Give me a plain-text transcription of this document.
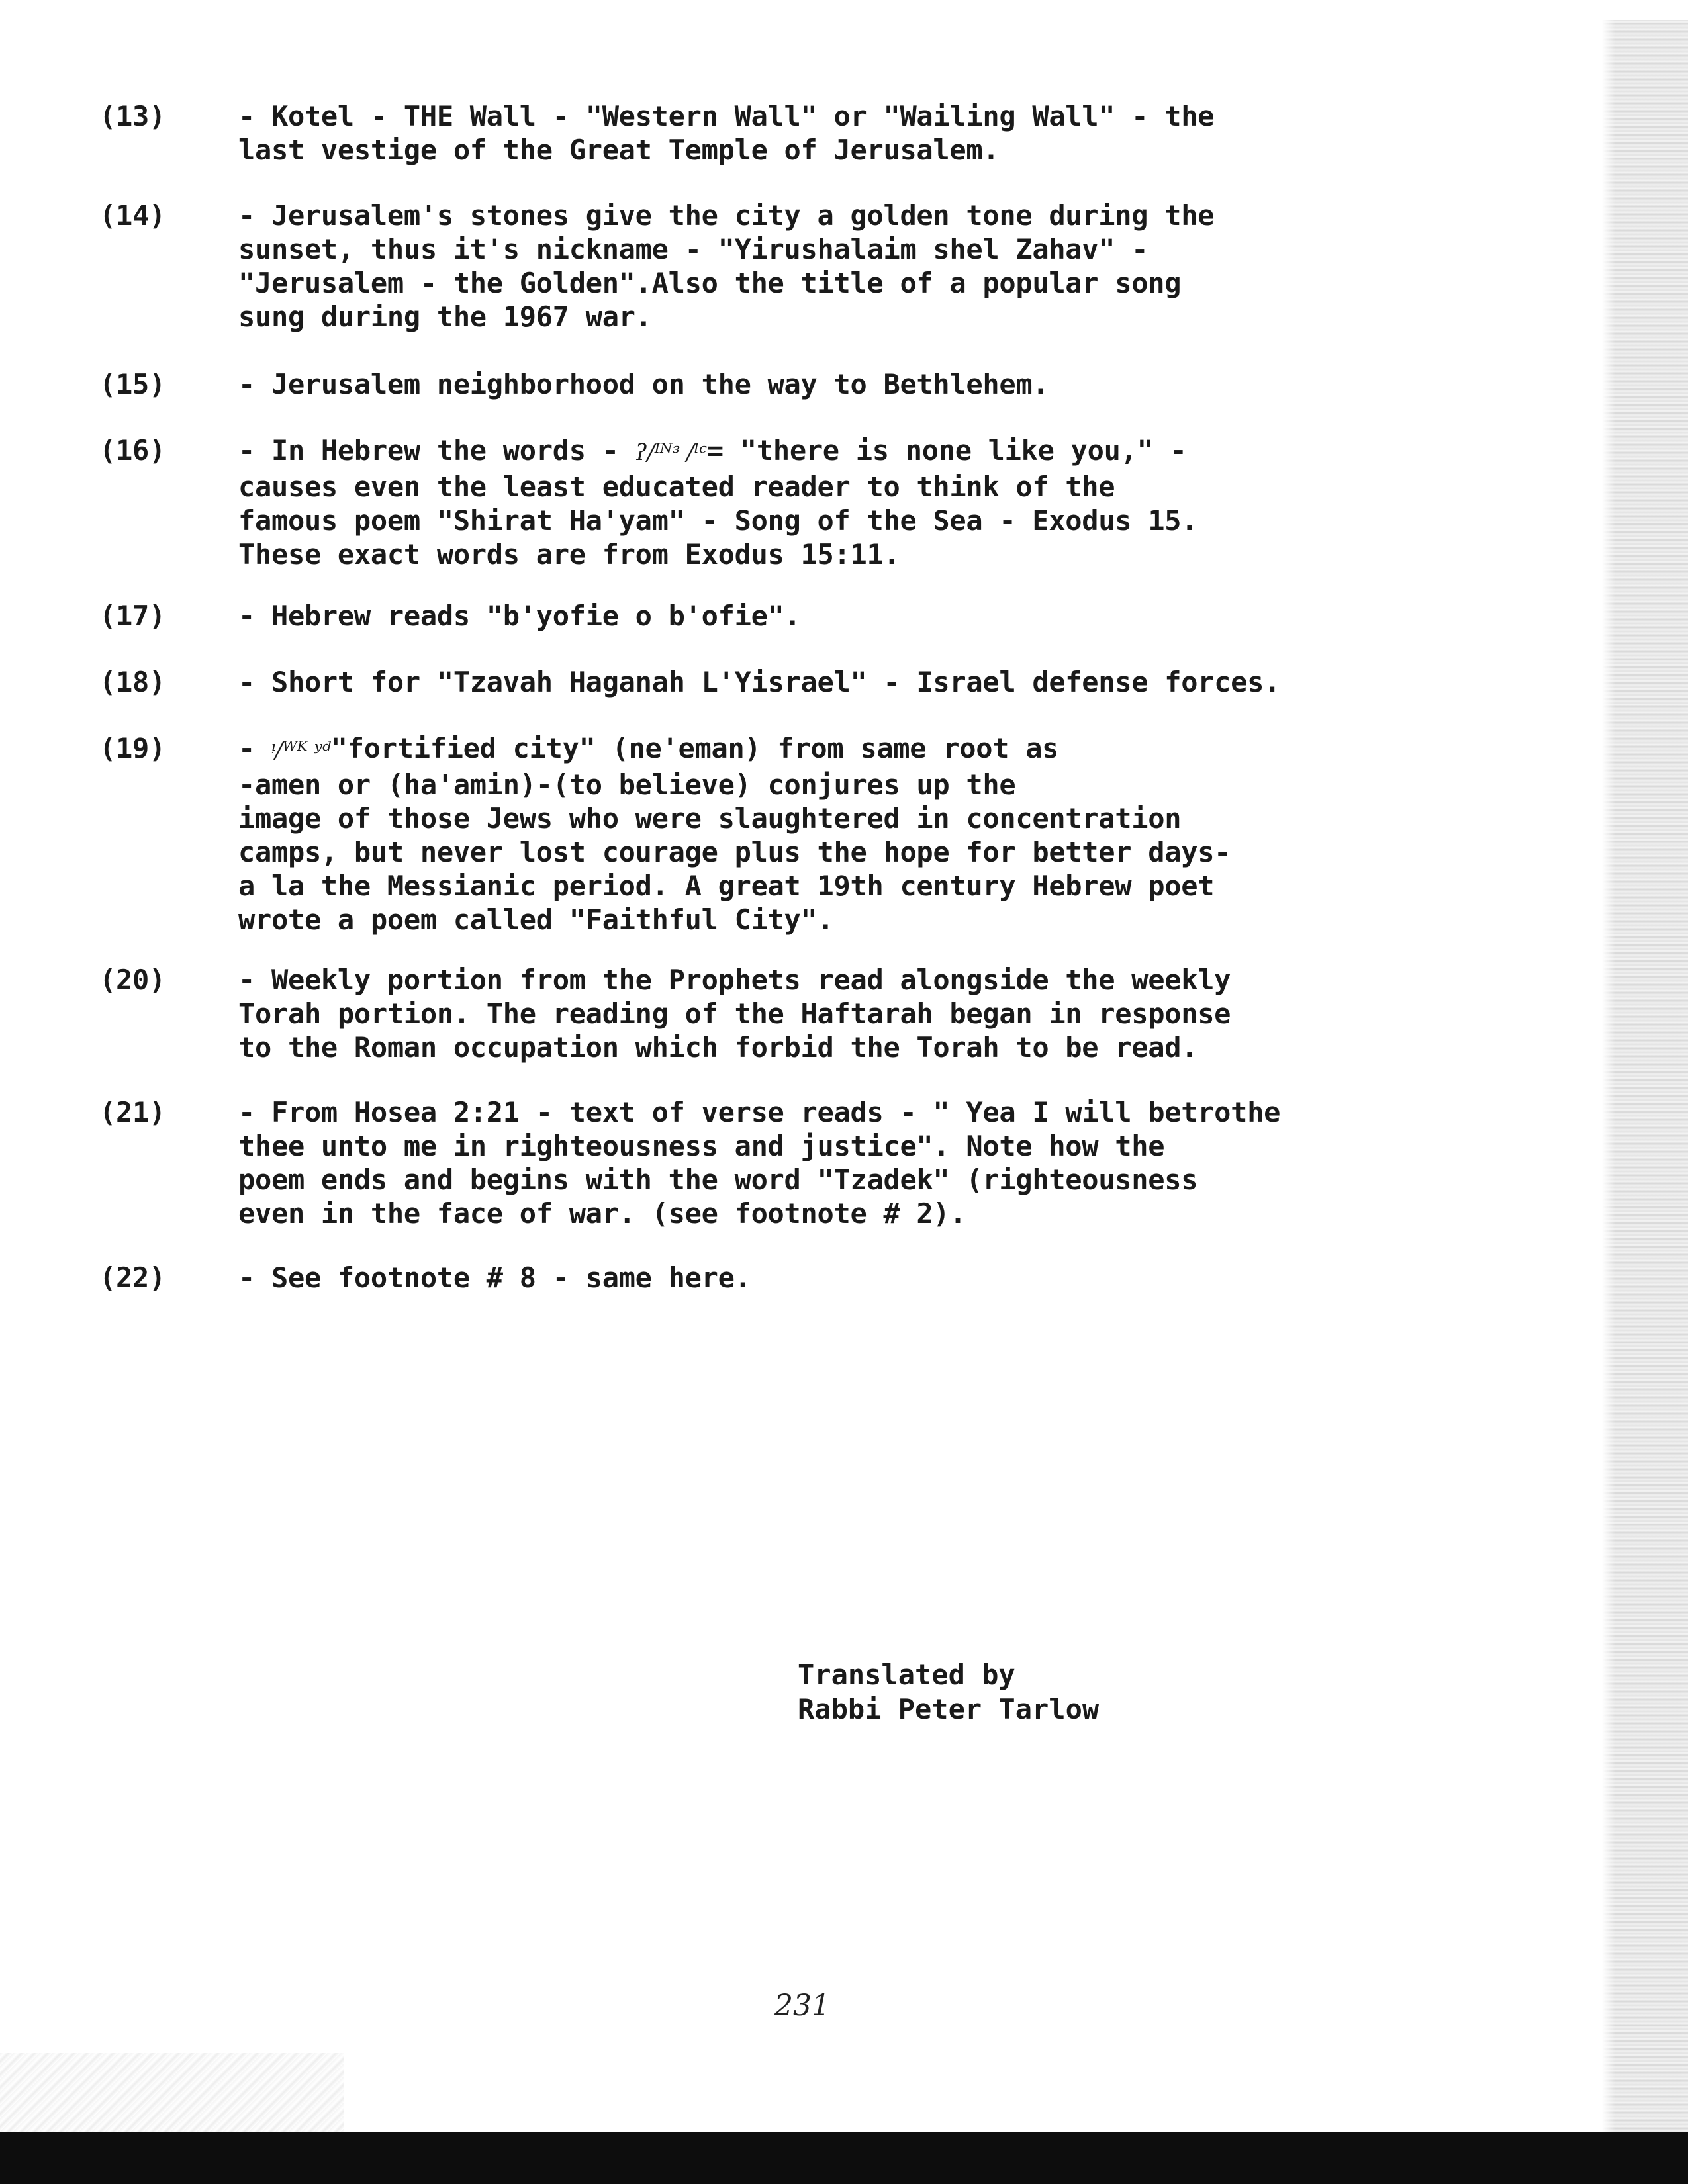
(13)	- Kotel - THE Wall - "Western Wall" or "Wailing Wall" - the
last vestige of the Great Temple of Jerusalem.
(14)	- Jerusalem's stones give the city a golden tone during the
sunset, thus it's nickname - "Yirushalaim shel Zahav" -
"Jerusalem - the Golden".Also the title of a popular song
sung during the 1967 war.
(15)	- Jerusalem neighborhood on the way to Bethlehem.
(16)	- In Hebrew the words - ʔ/ᴵᴺᵌ /ˡᶜ= "there is none like you," -
causes even the least educated reader to think of the
famous poem "Shirat Ha'yam" - Song of the Sea - Exodus 15.
These exact words are from Exodus 15:11.
(17)	- Hebrew reads "b'yofie o b'ofie".
(18)	- Short for "Tzavah Haganah L'Yisrael" - Israel defense forces.
(19)	- ᵎ/ᵂᴷ ʸᵈ"fortified city" (ne'eman) from same root as
-amen or (ha'amin)-(to believe) conjures up the
image of those Jews who were slaughtered in concentration
camps, but never lost courage plus the hope for better days-
a la the Messianic period. A great 19th century Hebrew poet
wrote a poem called "Faithful City".
(20)	- Weekly portion from the Prophets read alongside the weekly
Torah portion. The reading of the Haftarah began in response
to the Roman occupation which forbid the Torah to be read.
(21)	- From Hosea 2:21 - text of verse reads - " Yea I will betrothe
thee unto me in righteousness and justice". Note how the
poem ends and begins with the word "Tzadek" (righteousness
even in the face of war. (see footnote # 2).
(22)	- See footnote # 8 - same here.
Translated by
Rabbi Peter Tarlow
231
